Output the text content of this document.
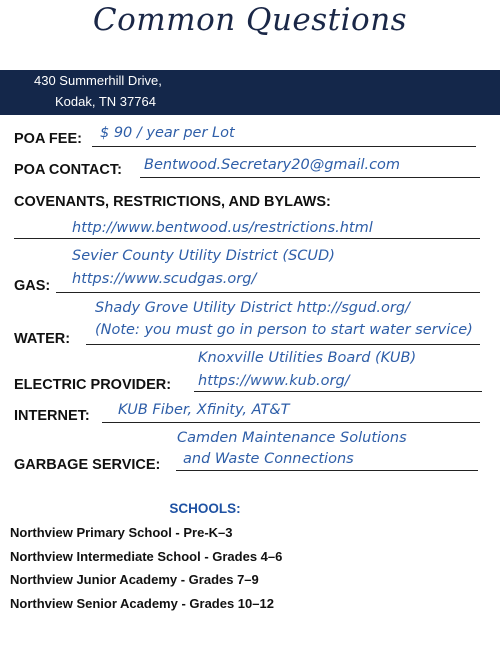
Common Questions
430 Summerhill Drive,
Kodak, TN 37764
POA FEE: $ 90 / year per Lot
POA CONTACT: Bentwood.Secretary20@gmail.com
COVENANTS, RESTRICTIONS, AND BYLAWS:
http://www.bentwood.us/restrictions.html
Sevier County Utility District (SCUD)
GAS: https://www.scudgas.org/
Shady Grove Utility District http://sgud.org/
WATER:
(Note: you must go in person to start water service)
Knoxville Utilities Board (KUB)
ELECTRIC PROVIDER: https://www.kub.org/
INTERNET: KUB Fiber, Xfinity, AT&T
Camden Maintenance Solutions
GARBAGE SERVICE: and Waste Connections
SCHOOLS:
Northview Primary School - Pre-K–3
Northview Intermediate School - Grades 4–6
Northview Junior Academy - Grades 7–9
Northview Senior Academy - Grades 10–12
